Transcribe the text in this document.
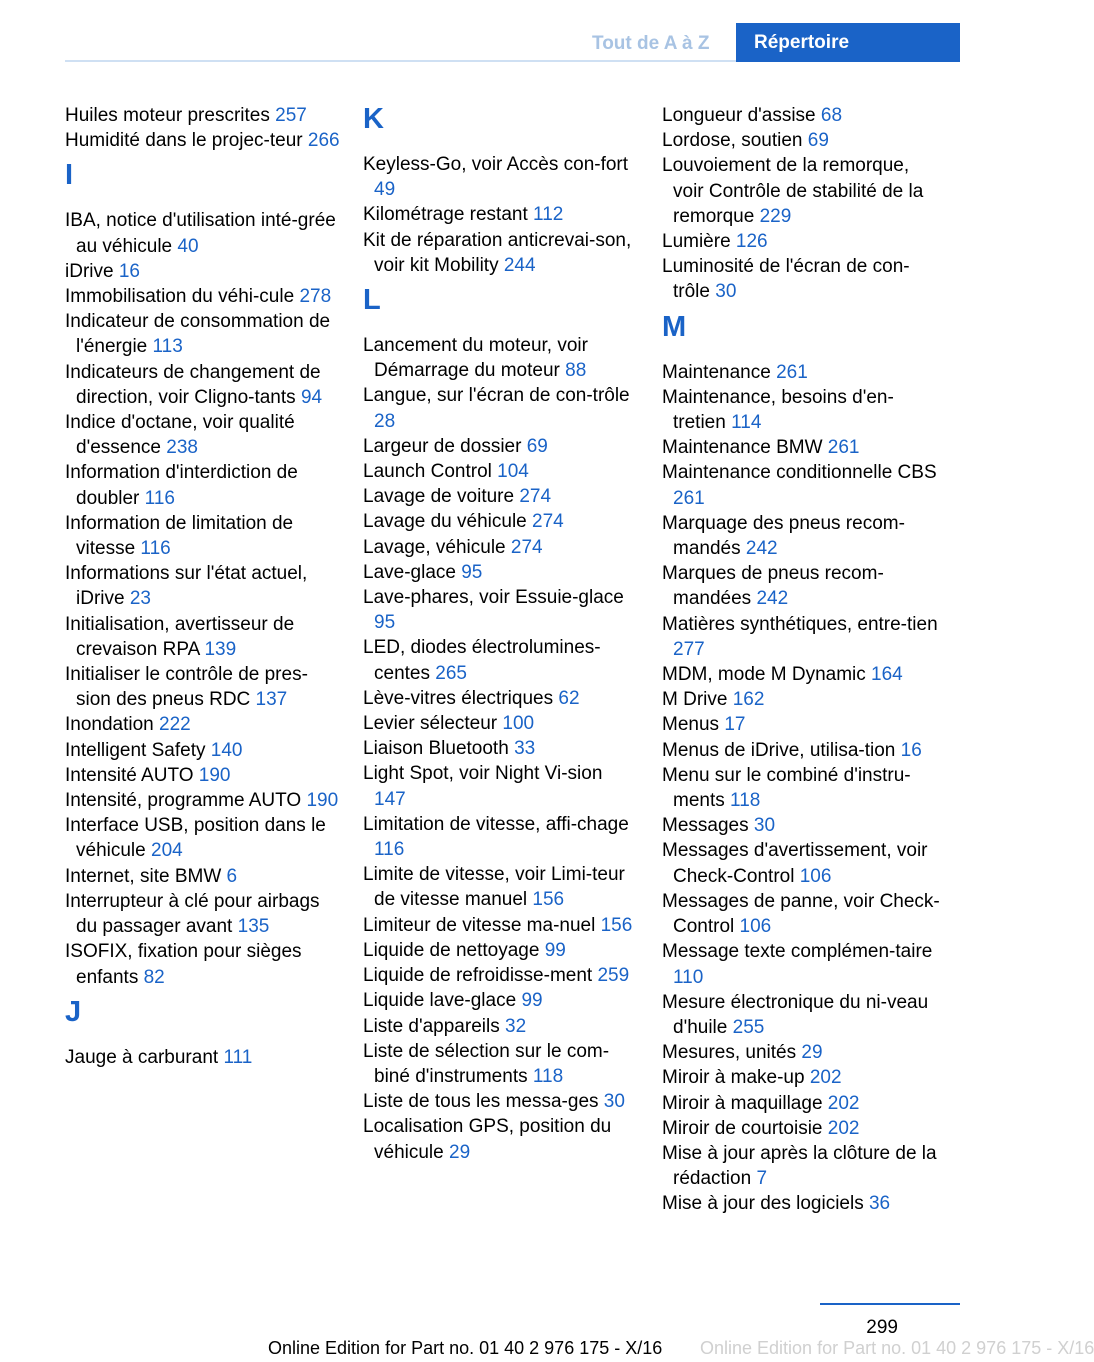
Tout de A à Z	Répertoire
Huiles moteur prescrites 257
Humidité dans le projec‐teur 266
I
IBA, notice d'utilisation inté‐grée au véhicule 40
iDrive 16
Immobilisation du véhi‐cule 278
Indicateur de consommation de l'énergie 113
Indicateurs de changement de direction, voir Cligno‐tants 94
Indice d'octane, voir qualité d'essence 238
Information d'interdiction de doubler 116
Information de limitation de vitesse 116
Informations sur l'état actuel, iDrive 23
Initialisation, avertisseur de crevaison RPA 139
Initialiser le contrôle de pres‐sion des pneus RDC 137
Inondation 222
Intelligent Safety 140
Intensité AUTO 190
Intensité, programme AUTO 190
Interface USB, position dans le véhicule 204
Internet, site BMW 6
Interrupteur à clé pour airbags du passager avant 135
ISOFIX, fixation pour sièges enfants 82
J
Jauge à carburant 111
K
Keyless-Go, voir Accès con‐fort 49
Kilométrage restant 112
Kit de réparation anticrevai‐son, voir kit Mobility 244
L
Lancement du moteur, voir Démarrage du moteur 88
Langue, sur l'écran de con‐trôle 28
Largeur de dossier 69
Launch Control 104
Lavage de voiture 274
Lavage du véhicule 274
Lavage, véhicule 274
Lave-glace 95
Lave-phares, voir Essuie-glace 95
LED, diodes électrolumines‐centes 265
Lève-vitres électriques 62
Levier sélecteur 100
Liaison Bluetooth 33
Light Spot, voir Night Vi‐sion 147
Limitation de vitesse, affi‐chage 116
Limite de vitesse, voir Limi‐teur de vitesse manuel 156
Limiteur de vitesse ma‐nuel 156
Liquide de nettoyage 99
Liquide de refroidisse‐ment 259
Liquide lave-glace 99
Liste d'appareils 32
Liste de sélection sur le com‐biné d'instruments 118
Liste de tous les messa‐ges 30
Localisation GPS, position du véhicule 29
Longueur d'assise 68
Lordose, soutien 69
Louvoiement de la remorque, voir Contrôle de stabilité de la remorque 229
Lumière 126
Luminosité de l'écran de con‐trôle 30
M
Maintenance 261
Maintenance, besoins d'en‐tretien 114
Maintenance BMW 261
Maintenance conditionnelle CBS 261
Marquage des pneus recom‐mandés 242
Marques de pneus recom‐mandées 242
Matières synthétiques, entre‐tien 277
MDM, mode M Dynamic 164
M Drive 162
Menus 17
Menus de iDrive, utilisa‐tion 16
Menu sur le combiné d'instru‐ments 118
Messages 30
Messages d'avertissement, voir Check-Control 106
Messages de panne, voir Check-Control 106
Message texte complémen‐taire 110
Mesure électronique du ni‐veau d'huile 255
Mesures, unités 29
Miroir à make-up 202
Miroir à maquillage 202
Miroir de courtoisie 202
Mise à jour après la clôture de la rédaction 7
Mise à jour des logiciels 36
299
Online Edition for Part no. 01 40 2 976 175 - X/16
Online Edition for Part no. 01 40 2 976 175 - X/16
